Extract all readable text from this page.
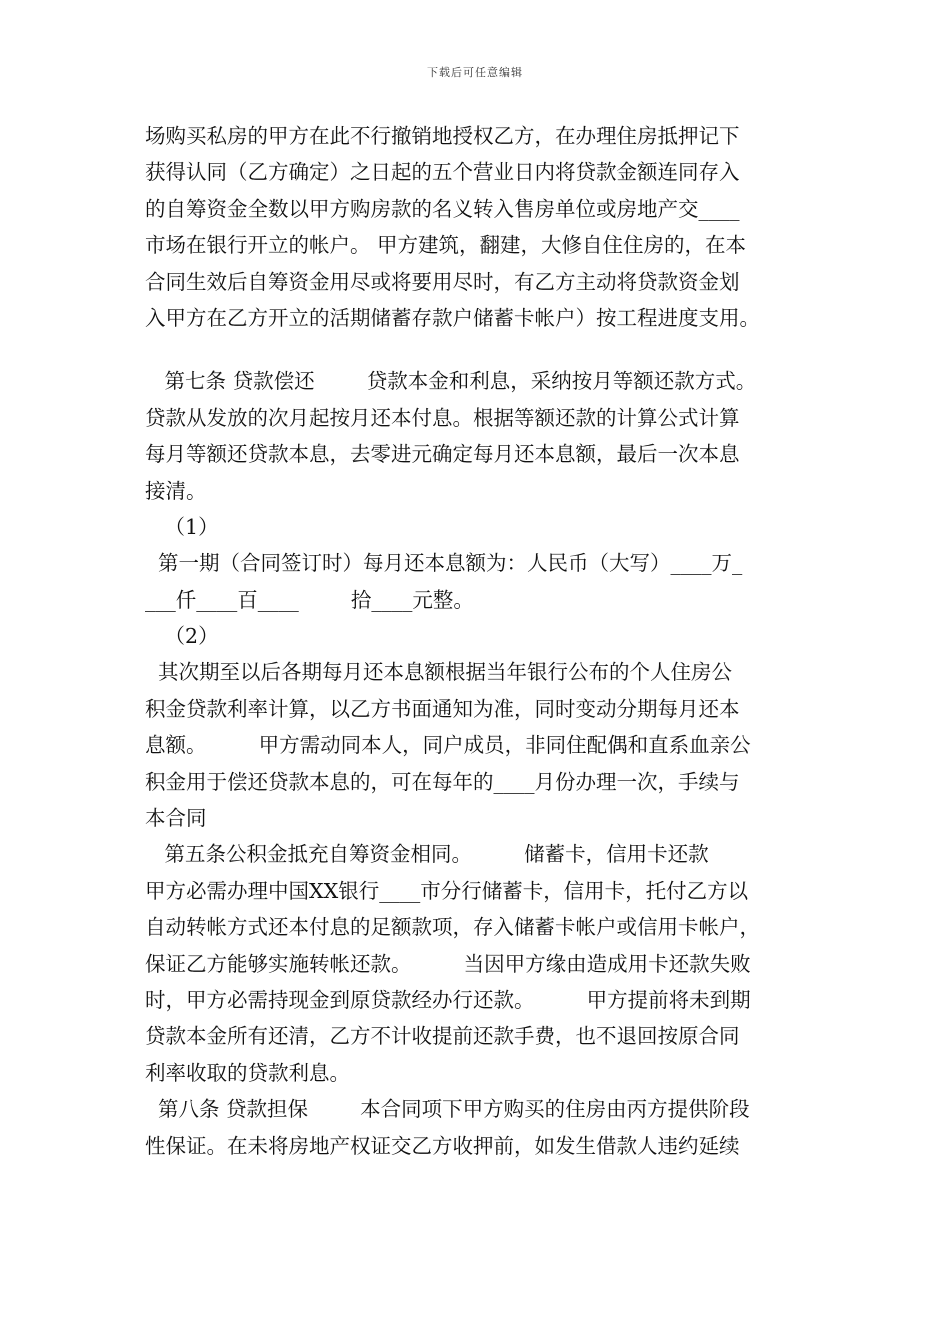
下载后可任意编辑
场购买私房的甲方在此不行撤销地授权乙方，在办理住房抵押记下
获得认同（乙方确定）之日起的五个营业日内将贷款金额连同存入
的自筹资金全数以甲方购房款的名义转入售房单位或房地产交____
市场在银行开立的帐户。 甲方建筑，翻建，大修自住住房的，在本
合同生效后自筹资金用尽或将要用尽时，有乙方主动将贷款资金划
入甲方在乙方开立的活期储蓄存款户储蓄卡帐户）按工程进度支用。
第七条 贷款偿还        贷款本金和利息，采纳按月等额还款方式。
贷款从发放的次月起按月还本付息。根据等额还款的计算公式计算
每月等额还贷款本息，去零进元确定每月还本息额，最后一次本息
接清。
（1）
第一期（合同签订时）每月还本息额为：人民币（大写）____万_
___仟____百____        拾____元整。
（2）
其次期至以后各期每月还本息额根据当年银行公布的个人住房公
积金贷款利率计算，以乙方书面通知为准，同时变动分期每月还本
息额。        甲方需动同本人，同户成员，非同住配偶和直系血亲公
积金用于偿还贷款本息的，可在每年的____月份办理一次，手续与
本合同
第五条公积金抵充自筹资金相同。        储蓄卡，信用卡还款
甲方必需办理中国XX银行____市分行储蓄卡，信用卡，托付乙方以
自动转帐方式还本付息的足额款项，存入储蓄卡帐户或信用卡帐户，
保证乙方能够实施转帐还款。        当因甲方缘由造成用卡还款失败
时，甲方必需持现金到原贷款经办行还款。        甲方提前将未到期
贷款本金所有还清，乙方不计收提前还款手费，也不退回按原合同
利率收取的贷款利息。
第八条 贷款担保        本合同项下甲方购买的住房由丙方提供阶段
性保证。在未将房地产权证交乙方收押前，如发生借款人违约延续
